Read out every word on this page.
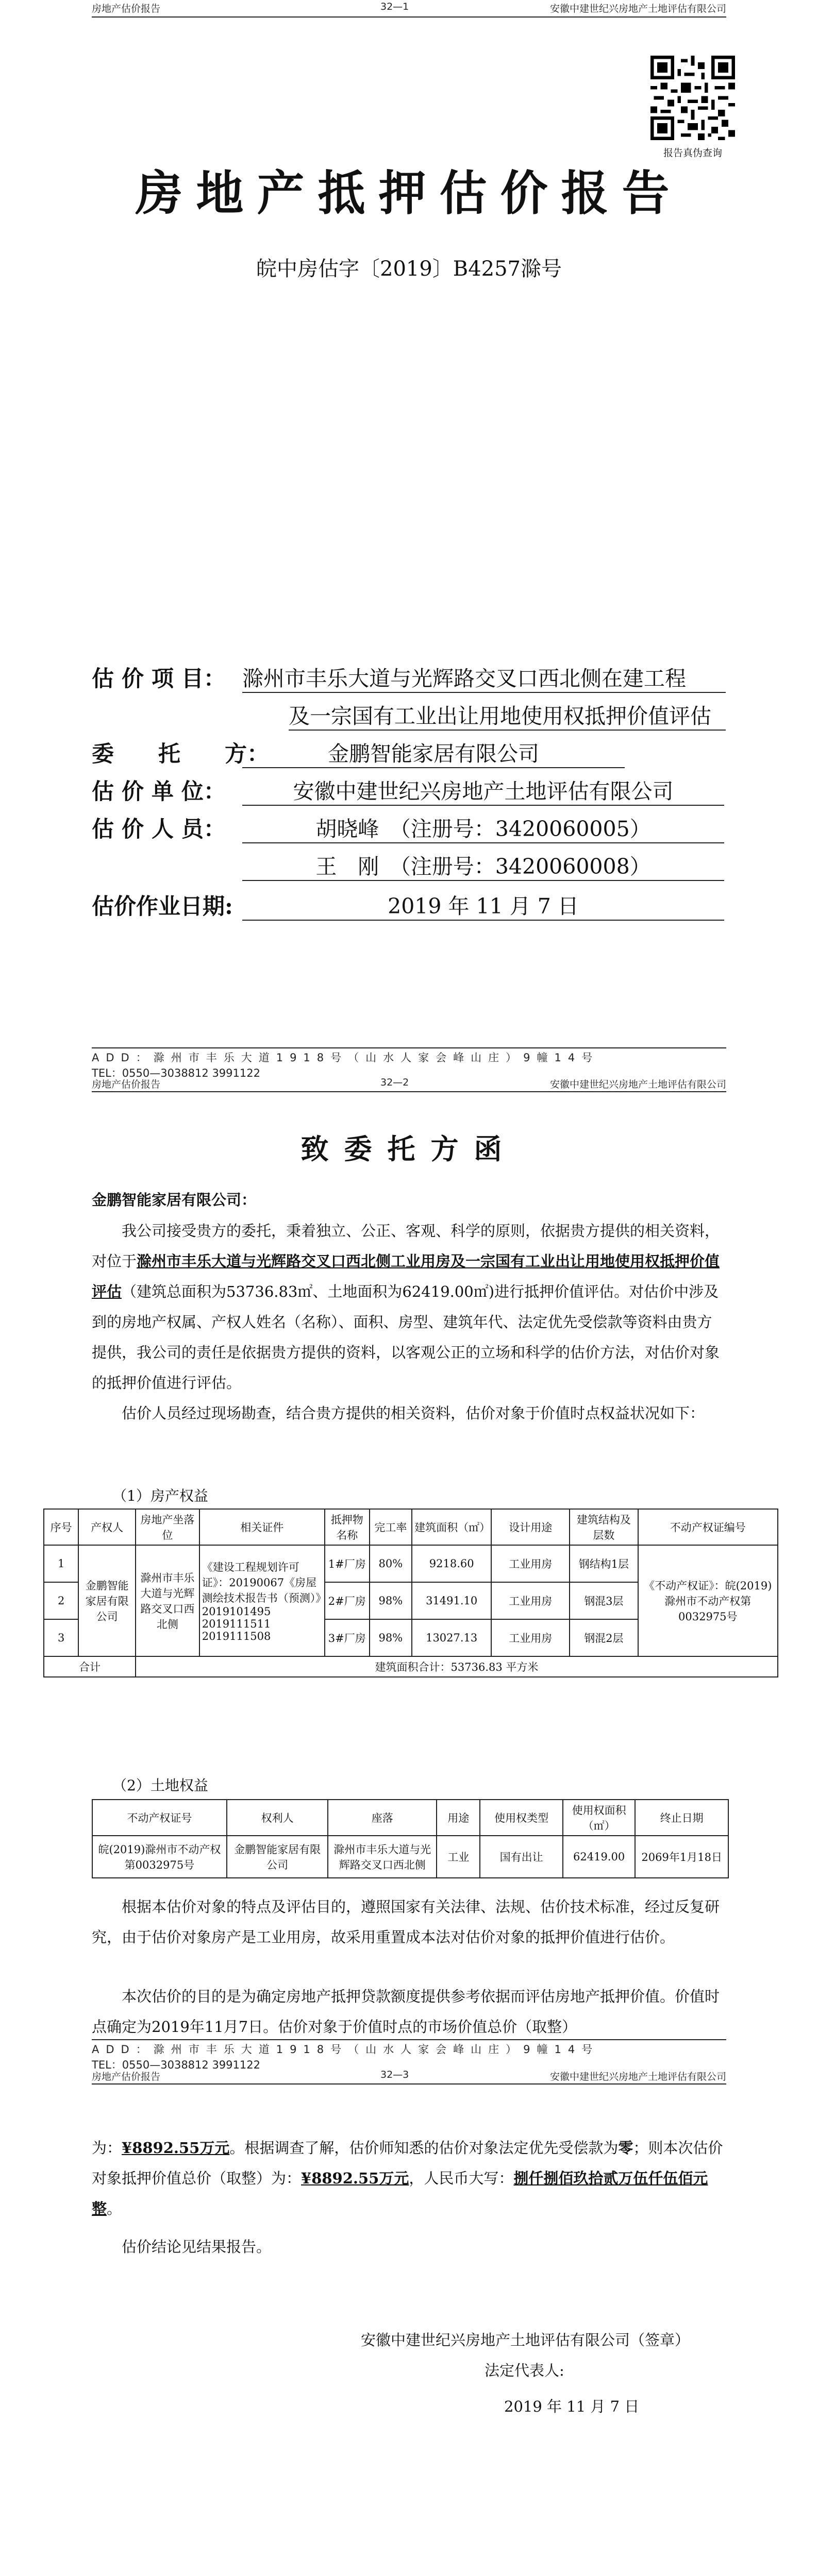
房地产估价报告	32—1	安徽中建世纪兴房地产土地评估有限公司
报告真伪查询
房地产抵押估价报告
皖中房估字〔2019〕B4257滁号
估 价 项 目： 滁州市丰乐大道与光辉路交叉口西北侧在建工程
及一宗国有工业出让用地使用权抵押价值评估
委　　托　　方：	金鹏智能家居有限公司
估 价 单 位：	安徽中建世纪兴房地产土地评估有限公司
估 价 人 员：	胡晓峰　（注册号：3420060005）
王　刚　（注册号：3420060008）
估价作业日期:	2019 年 11 月 7 日
ADD：滁州市丰乐大道1918号（山水人家会峰山庄）9幢14号
TEL：0550—3038812 3991122
房地产估价报告	32—2	安徽中建世纪兴房地产土地评估有限公司
致委托方函
金鹏智能家居有限公司：
我公司接受贵方的委托，秉着独立、公正、客观、科学的原则，依据贵方提供的相关资料，对位于滁州市丰乐大道与光辉路交叉口西北侧工业用房及一宗国有工业出让用地使用权抵押价值评估（建筑总面积为53736.83㎡、土地面积为62419.00㎡)进行抵押价值评估。对估价中涉及到的房地产权属、产权人姓名（名称）、面积、房型、建筑年代、法定优先受偿款等资料由贵方提供，我公司的责任是依据贵方提供的资料，以客观公正的立场和科学的估价方法，对估价对象的抵押价值进行评估。
估价人员经过现场勘查，结合贵方提供的相关资料，估价对象于价值时点权益状况如下：
（1）房产权益
序号	产权人	房地产坐落位	相关证件	抵押物名称	完工率	建筑面积（㎡）	设计用途	建筑结构及层数	不动产权证编号
1	金鹏智能家居有限公司	滁州市丰乐大道与光辉路交叉口西北侧	《建设工程规划许可证》：20190067《房屋测绘技术报告书（预测）》2019101495 2019111511 2019111508	1#厂房	80%	9218.60	工业用房	钢结构1层	《不动产权证》：皖(2019)滁州市不动产权第0032975号
2				2#厂房	98%	31491.10	工业用房	钢混3层	
3				3#厂房	98%	13027.13	工业用房	钢混2层	
合计		建筑面积合计：53736.83 平方米							
（2）土地权益
不动产权证号	权利人	座落	用途	使用权类型	使用权面积（㎡）	终止日期
皖(2019)滁州市不动产权第0032975号	金鹏智能家居有限公司	滁州市丰乐大道与光辉路交叉口西北侧	工业	国有出让	62419.00	2069年1月18日
根据本估价对象的特点及评估目的，遵照国家有关法律、法规、估价技术标准，经过反复研究，由于估价对象房产是工业用房，故采用重置成本法对估价对象的抵押价值进行估价。
本次估价的目的是为确定房地产抵押贷款额度提供参考依据而评估房地产抵押价值。价值时点确定为2019年11月7日。估价对象于价值时点的市场价值总价（取整）
ADD：滁州市丰乐大道1918号（山水人家会峰山庄）9幢14号
TEL：0550—3038812 3991122
房地产估价报告	32—3	安徽中建世纪兴房地产土地评估有限公司
为：¥8892.55万元。根据调查了解，估价师知悉的估价对象法定优先受偿款为零；则本次估价对象抵押价值总价（取整）为：¥8892.55万元，人民币大写：捌仟捌佰玖拾贰万伍仟伍佰元整。
估价结论见结果报告。
安徽中建世纪兴房地产土地评估有限公司（签章）
法定代表人:
2019 年 11 月 7 日
